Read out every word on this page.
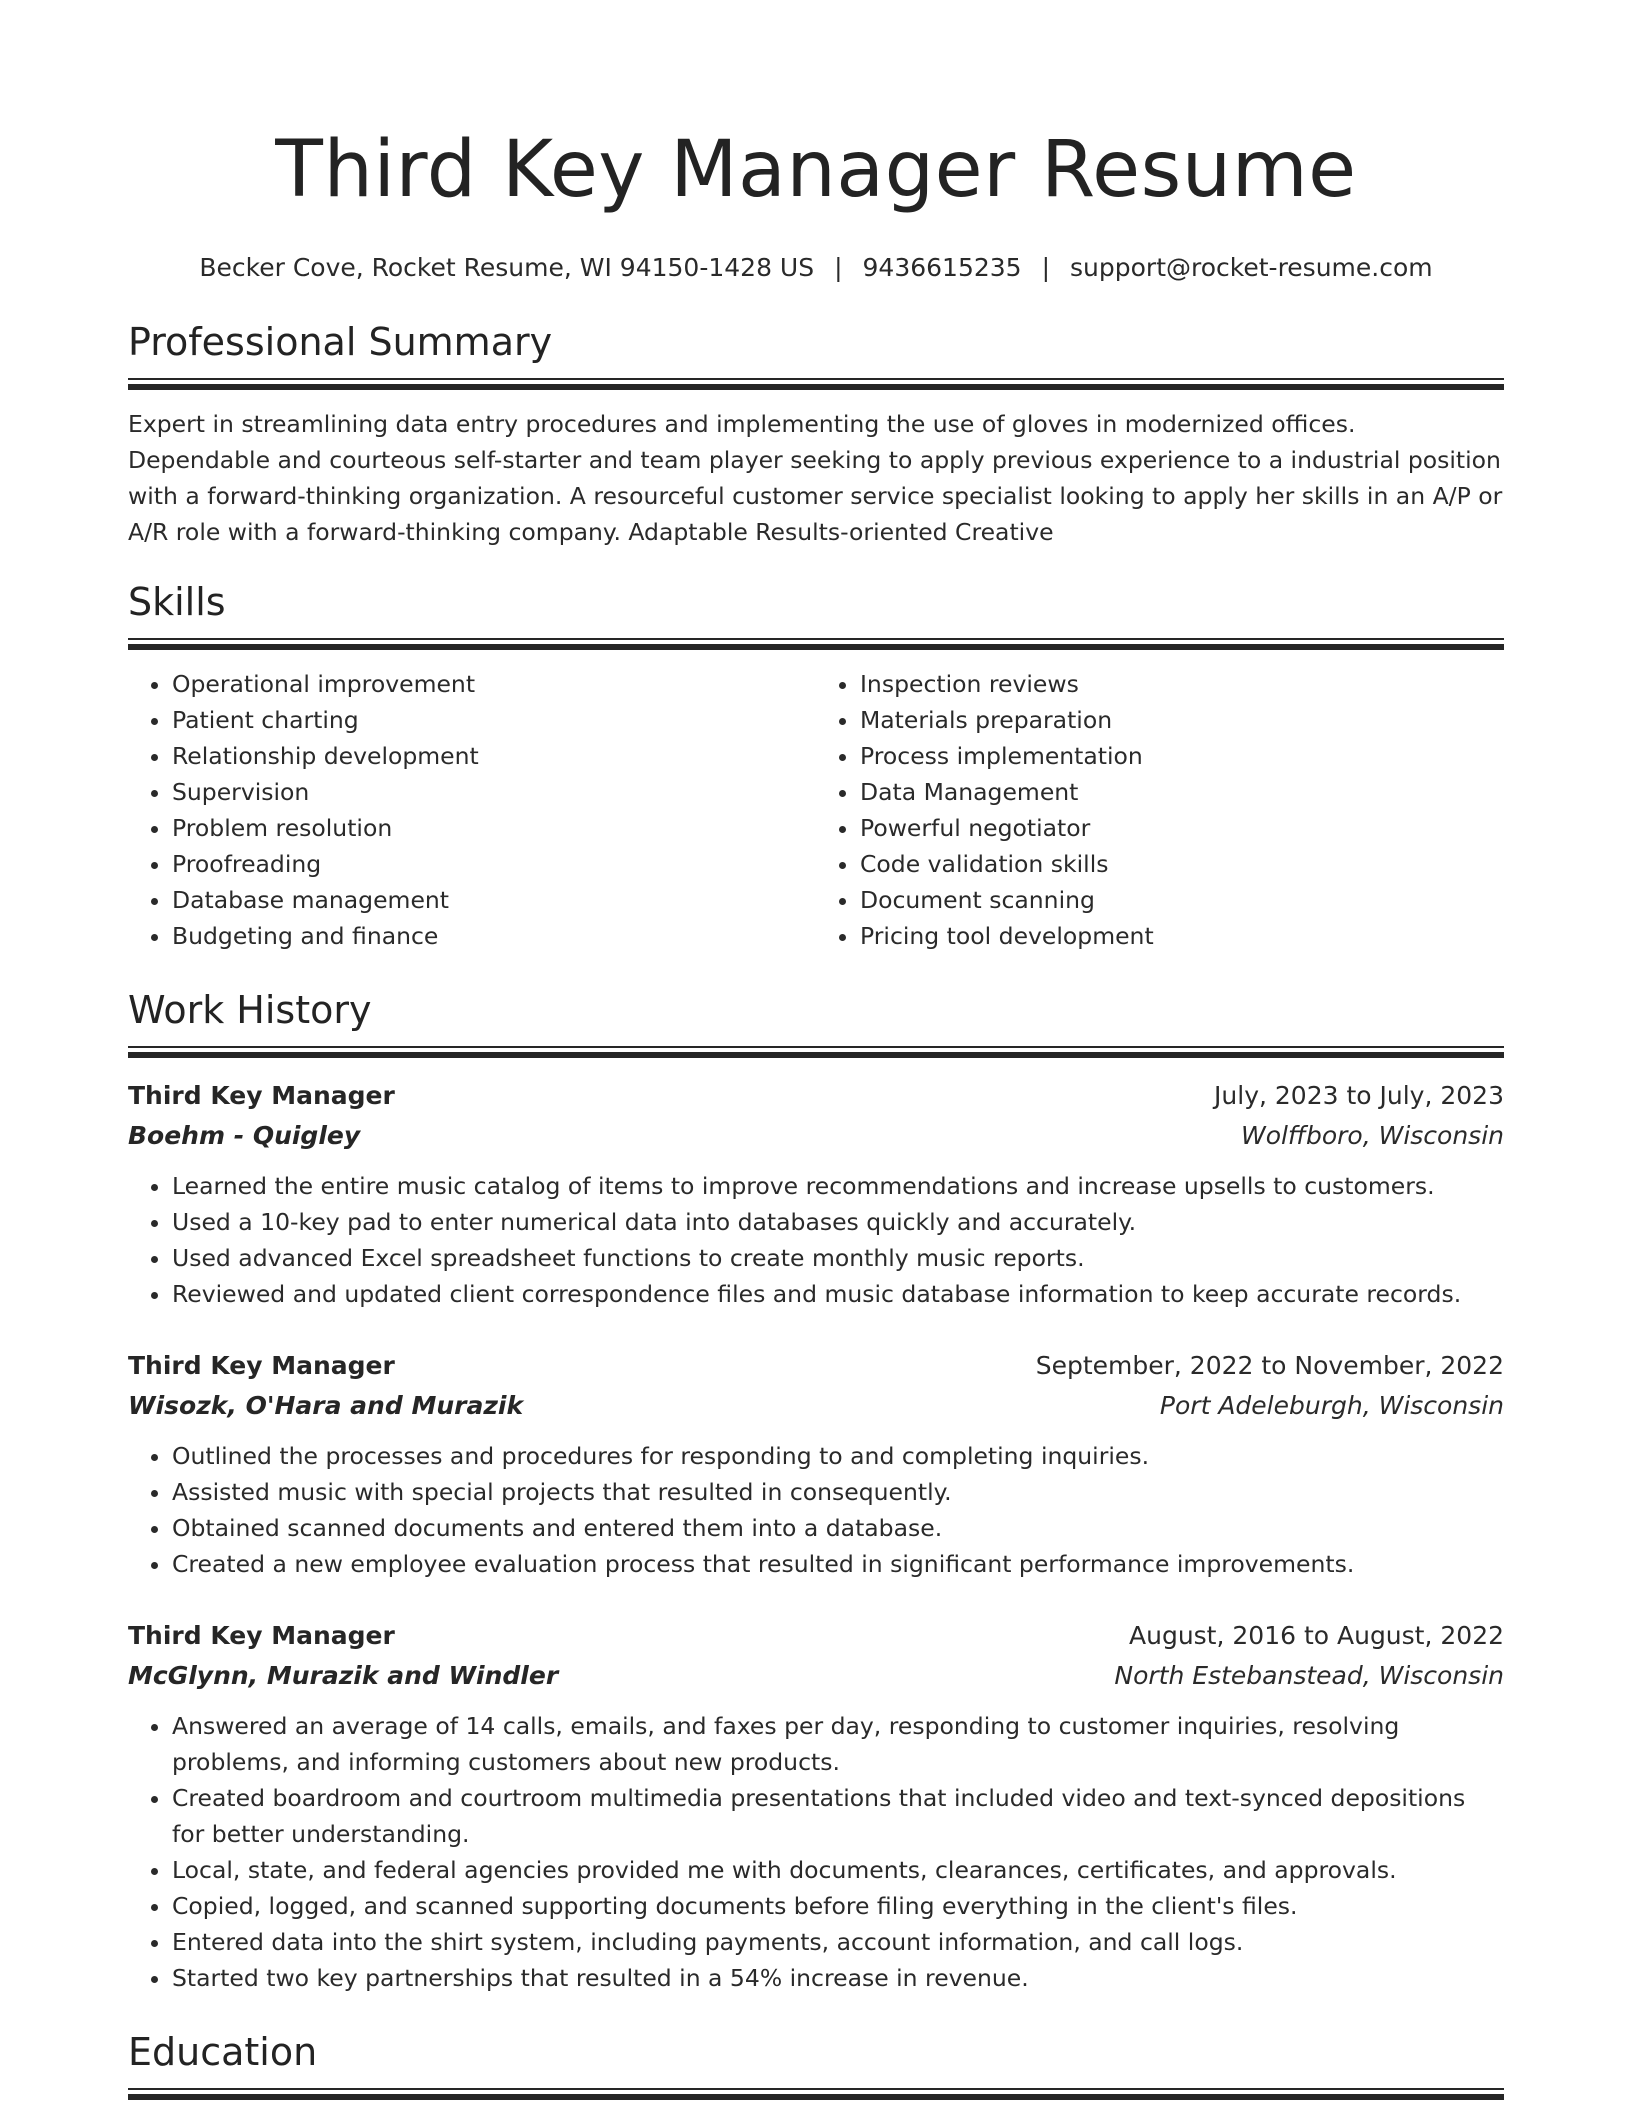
Third Key Manager Resume
Becker Cove, Rocket Resume, WI 94150-1428 US | 9436615235 | support@rocket-resume.com
Professional Summary

Expert in streamlining data entry procedures and implementing the use of gloves in modernized offices. Dependable and courteous self-starter and team player seeking to apply previous experience to a industrial position with a forward-thinking organization. A resourceful customer service specialist looking to apply her skills in an A/P or A/R role with a forward-thinking company. Adaptable Results-oriented Creative

Skills
• Operational improvement
• Patient charting
• Relationship development
• Supervision
• Problem resolution
• Proofreading
• Database management
• Budgeting and finance
• Inspection reviews
• Materials preparation
• Process implementation
• Data Management
• Powerful negotiator
• Code validation skills
• Document scanning
• Pricing tool development
Work History
Third Key Manager	July, 2023 to July, 2023
Boehm - Quigley	Wolffboro, Wisconsin
• Learned the entire music catalog of items to improve recommendations and increase upsells to customers.
• Used a 10-key pad to enter numerical data into databases quickly and accurately.
• Used advanced Excel spreadsheet functions to create monthly music reports.
• Reviewed and updated client correspondence files and music database information to keep accurate records.
Third Key Manager	September, 2022 to November, 2022
Wisozk, O'Hara and Murazik	Port Adeleburgh, Wisconsin
• Outlined the processes and procedures for responding to and completing inquiries.
• Assisted music with special projects that resulted in consequently.
• Obtained scanned documents and entered them into a database.
• Created a new employee evaluation process that resulted in significant performance improvements.
Third Key Manager	August, 2016 to August, 2022
McGlynn, Murazik and Windler	North Estebanstead, Wisconsin
• Answered an average of 14 calls, emails, and faxes per day, responding to customer inquiries, resolving problems, and informing customers about new products.
• Created boardroom and courtroom multimedia presentations that included video and text-synced depositions for better understanding.
• Local, state, and federal agencies provided me with documents, clearances, certificates, and approvals.
• Copied, logged, and scanned supporting documents before filing everything in the client's files.
• Entered data into the shirt system, including payments, account information, and call logs.
• Started two key partnerships that resulted in a 54% increase in revenue.
Education
